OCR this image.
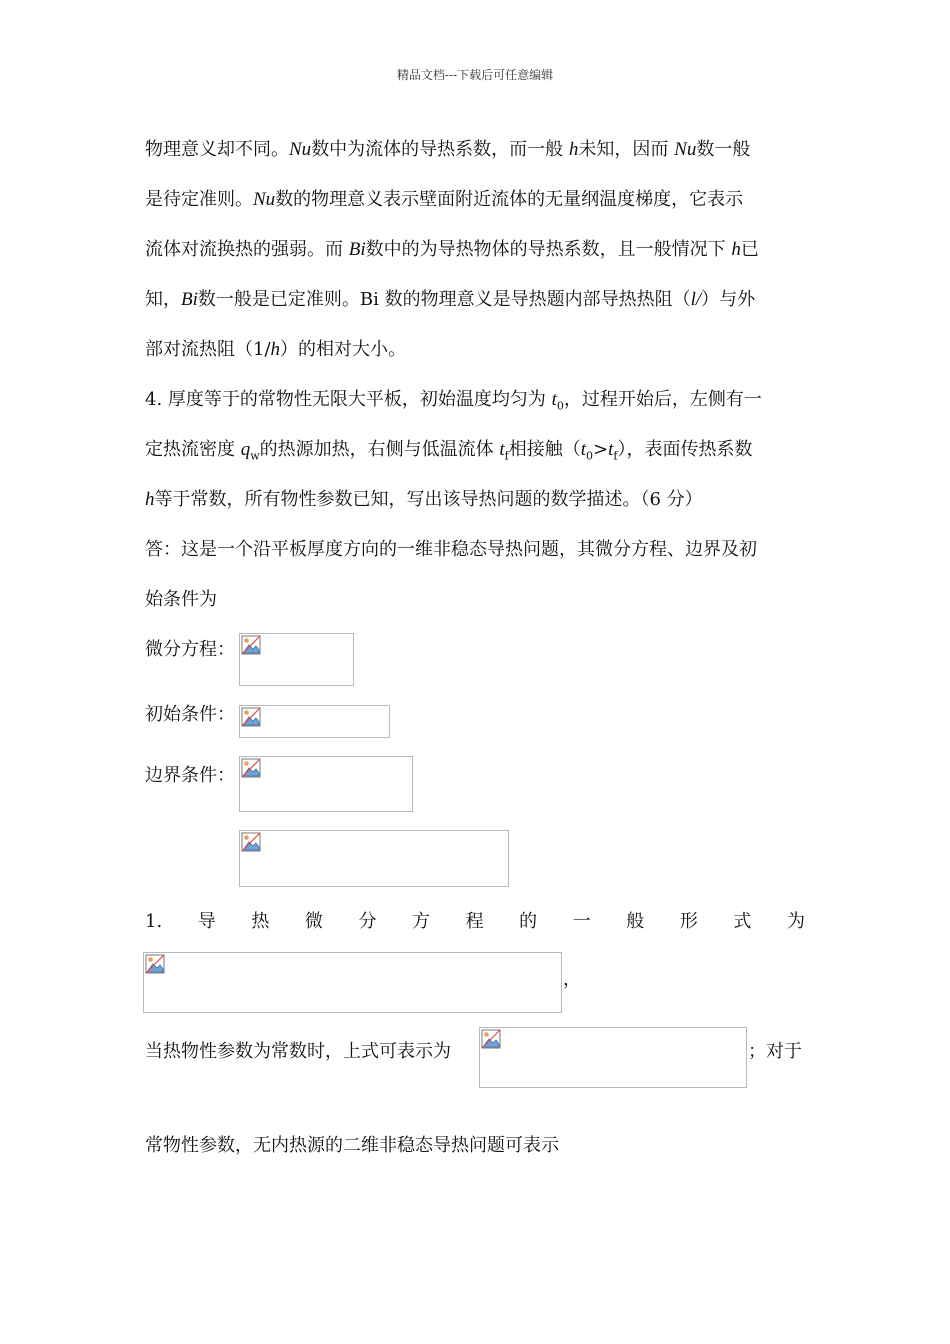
精品文档---下载后可任意编辑
物理意义却不同。Nu数中为流体的导热系数，而一般 h未知，因而 Nu数一般
是待定准则。Nu数的物理意义表示壁面附近流体的无量纲温度梯度，它表示
流体对流换热的强弱。而 Bi数中的为导热物体的导热系数，且一般情况下 h已
知，Bi数一般是已定准则。Bi 数的物理意义是导热题内部导热热阻（l/）与外
部对流热阻（1/h）的相对大小。
4. 厚度等于的常物性无限大平板，初始温度均匀为 $t_0$，过程开始后，左侧有一
定热流密度 $q_w$的热源加热，右侧与低温流体 $t_f$相接触$(t_0>t_f)$，表面传热系数
h等于常数，所有物性参数已知，写出该导热问题的数学描述。（6 分）
答：这是一个沿平板厚度方向的一维非稳态导热问题，其微分方程、边界及初
始条件为
微分方程：
初始条件：
边界条件：
1. 导 热 微 分 方 程 的 一 般 形 式 为
，
当热物性参数为常数时，上式可表示为	；对于
常物性参数，无内热源的二维非稳态导热问题可表示
